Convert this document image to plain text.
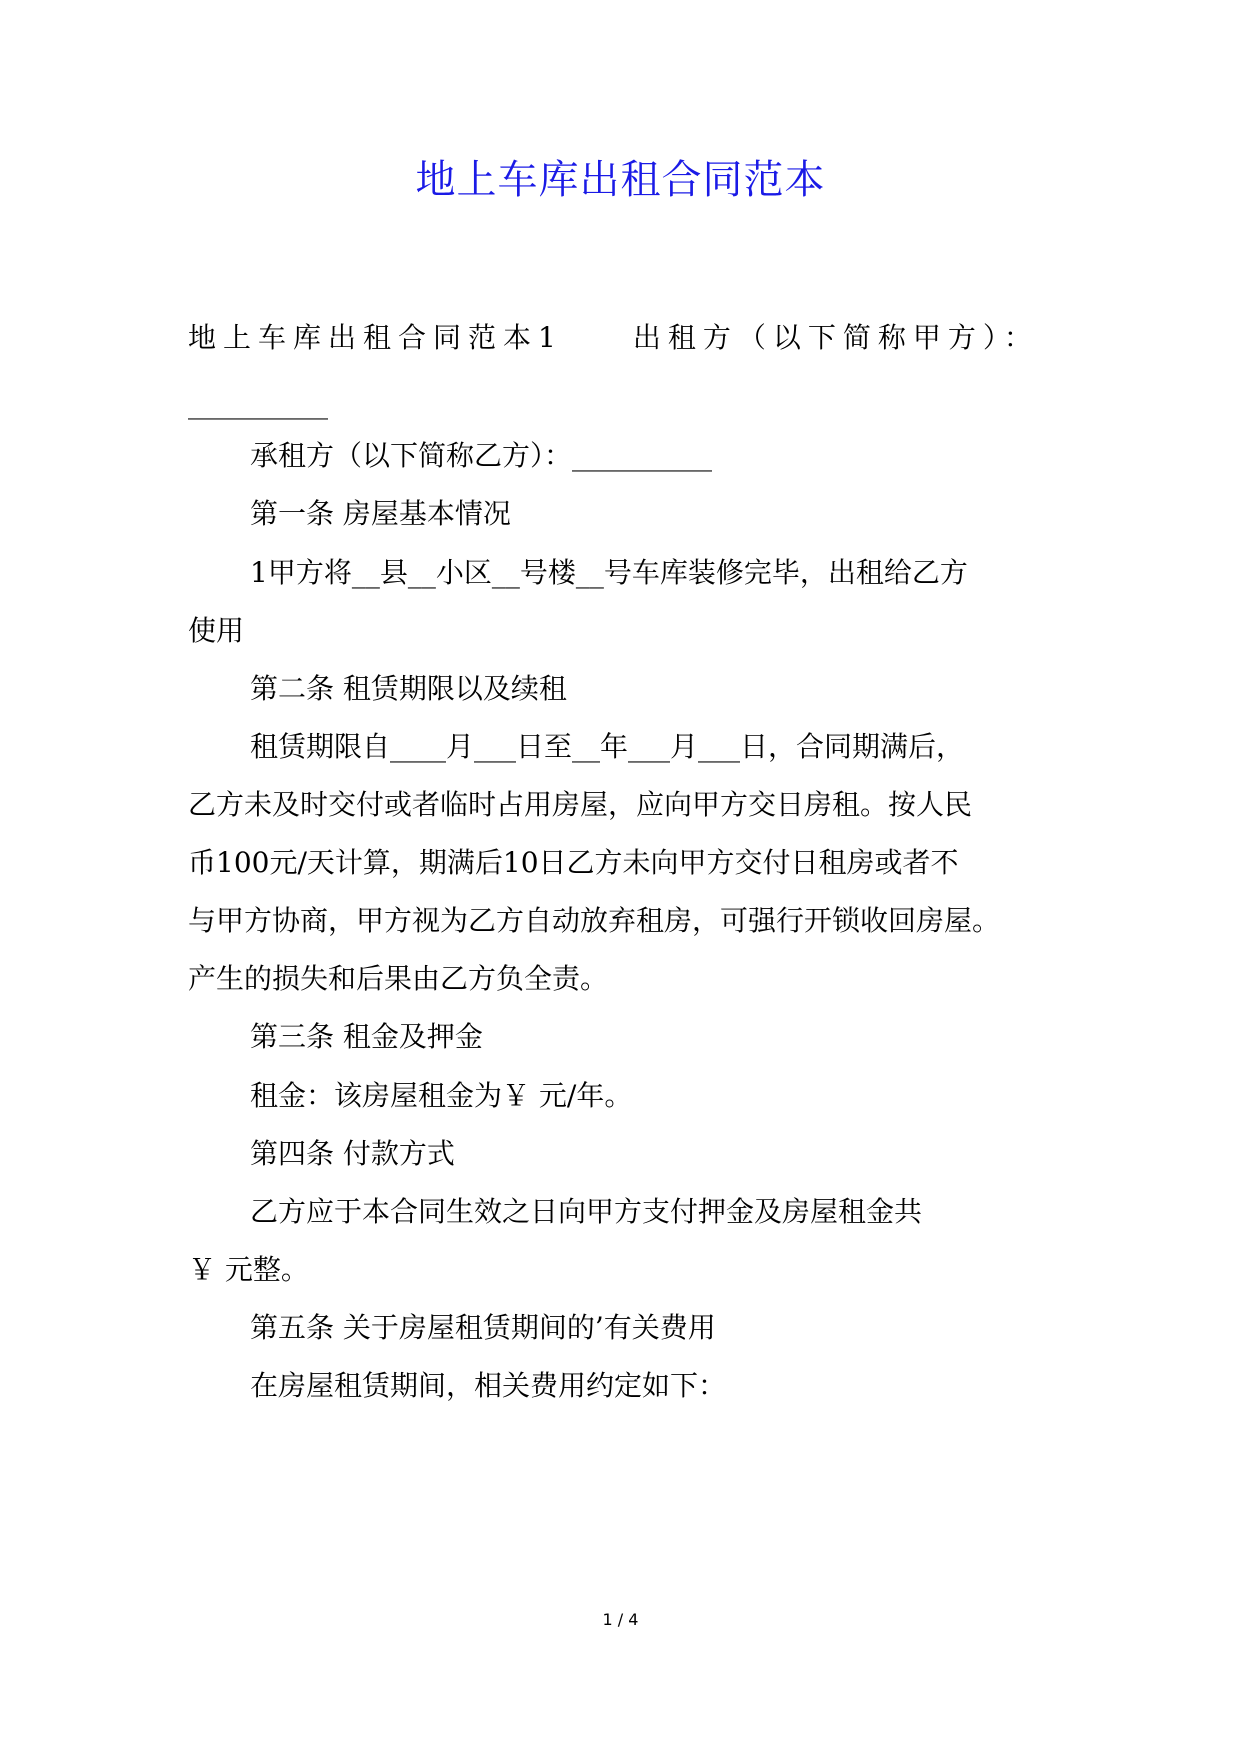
地上车库出租合同范本

地上车库出租合同范本1　　出租方（以下简称甲方）：

__________

承租方（以下简称乙方）：__________

第一条 房屋基本情况

1甲方将__县__小区__号楼__号车库装修完毕，出租给乙方

使用

第二条 租赁期限以及续租

租赁期限自____月___日至__年___月___日，合同期满后，

乙方未及时交付或者临时占用房屋，应向甲方交日房租。按人民

币100元/天计算，期满后10日乙方未向甲方交付日租房或者不

与甲方协商，甲方视为乙方自动放弃租房，可强行开锁收回房屋。

产生的损失和后果由乙方负全责。

第三条 租金及押金

租金：该房屋租金为￥ 元/年。

第四条 付款方式

乙方应于本合同生效之日向甲方支付押金及房屋租金共

￥ 元整。

第五条 关于房屋租赁期间的’有关费用

在房屋租赁期间，相关费用约定如下：

1 / 4
